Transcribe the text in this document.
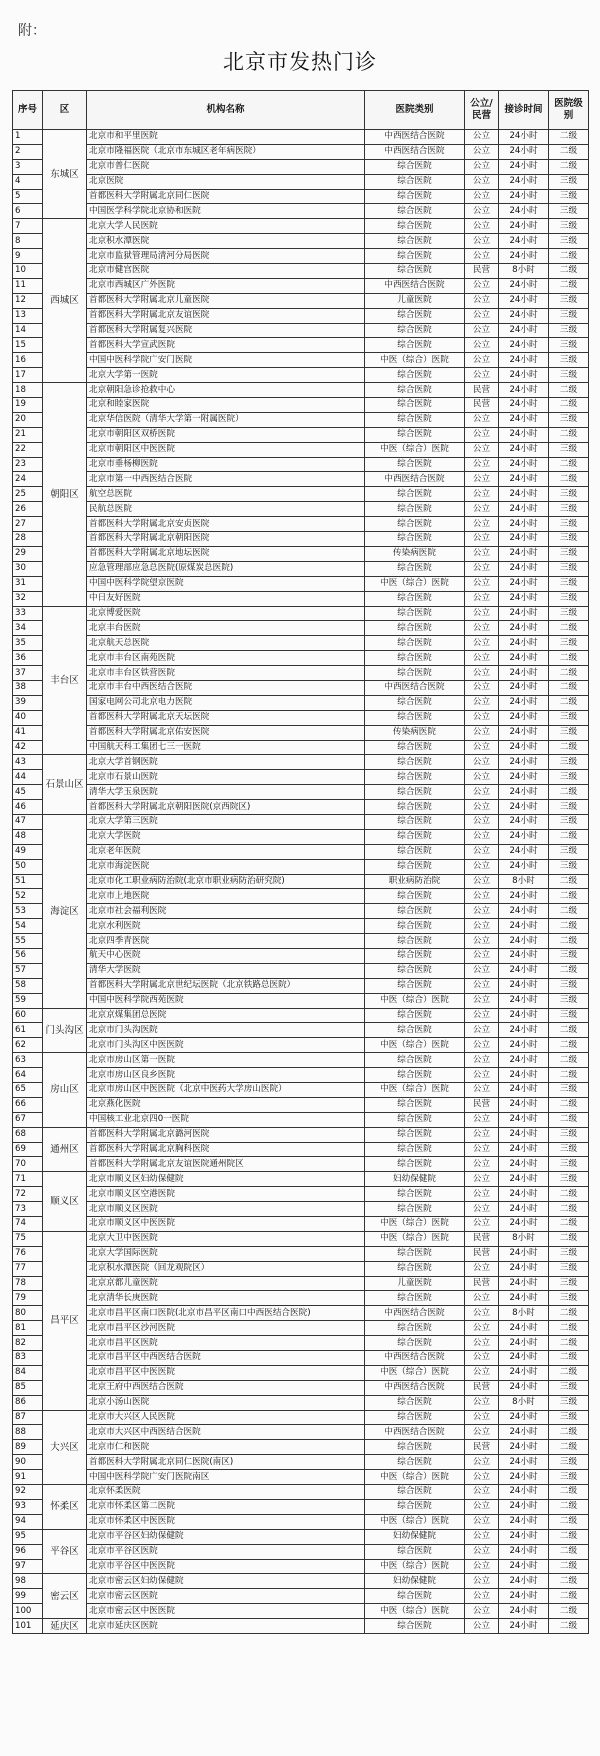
附：
北京市发热门诊
序号	区	机构名称	医院类别	公立/民营	接诊时间	医院级别
1	东城区	北京市和平里医院	中西医结合医院	公立	24小时	二级
2		北京市隆福医院（北京市东城区老年病医院）	中西医结合医院	公立	24小时	二级
3		北京市普仁医院	综合医院	公立	24小时	二级
4		北京医院	综合医院	公立	24小时	三级
5		首都医科大学附属北京同仁医院	综合医院	公立	24小时	三级
6		中国医学科学院北京协和医院	综合医院	公立	24小时	三级
7	西城区	北京大学人民医院	综合医院	公立	24小时	三级
8		北京积水潭医院	综合医院	公立	24小时	三级
9		北京市监狱管理局清河分局医院	综合医院	公立	24小时	二级
10		北京市健宫医院	综合医院	民营	8小时	二级
11		北京市西城区广外医院	中西医结合医院	公立	24小时	二级
12		首都医科大学附属北京儿童医院	儿童医院	公立	24小时	三级
13		首都医科大学附属北京友谊医院	综合医院	公立	24小时	三级
14		首都医科大学附属复兴医院	综合医院	公立	24小时	三级
15		首都医科大学宣武医院	综合医院	公立	24小时	三级
16		中国中医科学院广安门医院	中医（综合）医院	公立	24小时	三级
17		北京大学第一医院	综合医院	公立	24小时	三级
18	朝阳区	北京朝阳急诊抢救中心	综合医院	民营	24小时	二级
19		北京和睦家医院	综合医院	民营	24小时	二级
20		北京华信医院（清华大学第一附属医院）	综合医院	公立	24小时	三级
21		北京市朝阳区双桥医院	综合医院	公立	24小时	二级
22		北京市朝阳区中医医院	中医（综合）医院	公立	24小时	三级
23		北京市垂杨柳医院	综合医院	公立	24小时	二级
24		北京市第一中西医结合医院	中西医结合医院	公立	24小时	二级
25		航空总医院	综合医院	公立	24小时	三级
26		民航总医院	综合医院	公立	24小时	三级
27		首都医科大学附属北京安贞医院	综合医院	公立	24小时	三级
28		首都医科大学附属北京朝阳医院	综合医院	公立	24小时	三级
29		首都医科大学附属北京地坛医院	传染病医院	公立	24小时	三级
30		应急管理部应急总医院(原煤炭总医院)	综合医院	公立	24小时	三级
31		中国中医科学院望京医院	中医（综合）医院	公立	24小时	三级
32		中日友好医院	综合医院	公立	24小时	三级
33	丰台区	北京博爱医院	综合医院	公立	24小时	三级
34		北京丰台医院	综合医院	公立	24小时	二级
35		北京航天总医院	综合医院	公立	24小时	三级
36		北京市丰台区南苑医院	综合医院	公立	24小时	二级
37		北京市丰台区铁营医院	综合医院	公立	24小时	二级
38		北京市丰台中西医结合医院	中西医结合医院	公立	24小时	二级
39		国家电网公司北京电力医院	综合医院	公立	24小时	二级
40		首都医科大学附属北京天坛医院	综合医院	公立	24小时	三级
41		首都医科大学附属北京佑安医院	传染病医院	公立	24小时	三级
42		中国航天科工集团七三一医院	综合医院	公立	24小时	二级
43	石景山区	北京大学首钢医院	综合医院	公立	24小时	三级
44		北京市石景山医院	综合医院	公立	24小时	三级
45		清华大学玉泉医院	综合医院	公立	24小时	二级
46		首都医科大学附属北京朝阳医院(京西院区)	综合医院	公立	24小时	三级
47	海淀区	北京大学第三医院	综合医院	公立	24小时	三级
48		北京大学医院	综合医院	公立	24小时	二级
49		北京老年医院	综合医院	公立	24小时	三级
50		北京市海淀医院	综合医院	公立	24小时	三级
51		北京市化工职业病防治院(北京市职业病防治研究院)	职业病防治院	公立	8小时	二级
52		北京市上地医院	综合医院	公立	24小时	二级
53		北京市社会福利医院	综合医院	公立	24小时	二级
54		北京水利医院	综合医院	公立	24小时	二级
55		北京四季青医院	综合医院	公立	24小时	二级
56		航天中心医院	综合医院	公立	24小时	三级
57		清华大学医院	综合医院	公立	24小时	二级
58		首都医科大学附属北京世纪坛医院（北京铁路总医院）	综合医院	公立	24小时	三级
59		中国中医科学院西苑医院	中医（综合）医院	公立	24小时	三级
60	门头沟区	北京京煤集团总医院	综合医院	公立	24小时	三级
61		北京市门头沟医院	综合医院	公立	24小时	二级
62		北京市门头沟区中医医院	中医（综合）医院	公立	24小时	二级
63	房山区	北京市房山区第一医院	综合医院	公立	24小时	二级
64		北京市房山区良乡医院	综合医院	公立	24小时	二级
65		北京市房山区中医医院（北京中医药大学房山医院）	中医（综合）医院	公立	24小时	三级
66		北京燕化医院	综合医院	民营	24小时	二级
67		中国核工业北京四0一医院	综合医院	公立	24小时	二级
68	通州区	首都医科大学附属北京潞河医院	综合医院	公立	24小时	三级
69		首都医科大学附属北京胸科医院	综合医院	公立	24小时	三级
70		首都医科大学附属北京友谊医院通州院区	综合医院	公立	24小时	三级
71	顺义区	北京市顺义区妇幼保健院	妇幼保健院	公立	24小时	三级
72		北京市顺义区空港医院	综合医院	公立	24小时	二级
73		北京市顺义区医院	综合医院	公立	24小时	二级
74		北京市顺义区中医医院	中医（综合）医院	公立	24小时	二级
75	昌平区	北京大卫中医医院	中医（综合）医院	民营	8小时	二级
76		北京大学国际医院	综合医院	民营	24小时	三级
77		北京积水潭医院（回龙观院区）	综合医院	公立	24小时	三级
78		北京京都儿童医院	儿童医院	民营	24小时	三级
79		北京清华长庚医院	综合医院	公立	24小时	三级
80		北京市昌平区南口医院(北京市昌平区南口中西医结合医院)	中西医结合医院	公立	8小时	二级
81		北京市昌平区沙河医院	综合医院	公立	24小时	二级
82		北京市昌平区医院	综合医院	公立	24小时	二级
83		北京市昌平区中西医结合医院	中西医结合医院	公立	24小时	二级
84		北京市昌平区中医医院	中医（综合）医院	公立	24小时	二级
85		北京王府中西医结合医院	中西医结合医院	民营	24小时	三级
86		北京小汤山医院	综合医院	公立	8小时	三级
87	大兴区	北京市大兴区人民医院	综合医院	公立	24小时	三级
88		北京市大兴区中西医结合医院	中西医结合医院	公立	24小时	二级
89		北京市仁和医院	综合医院	民营	24小时	二级
90		首都医科大学附属北京同仁医院(南区)	综合医院	公立	24小时	三级
91		中国中医科学院广安门医院南区	中医（综合）医院	公立	24小时	三级
92	怀柔区	北京怀柔医院	综合医院	公立	24小时	二级
93		北京市怀柔区第二医院	综合医院	公立	24小时	二级
94		北京市怀柔区中医医院	中医（综合）医院	公立	24小时	二级
95	平谷区	北京市平谷区妇幼保健院	妇幼保健院	公立	24小时	二级
96		北京市平谷区医院	综合医院	公立	24小时	二级
97		北京市平谷区中医医院	中医（综合）医院	公立	24小时	二级
98	密云区	北京市密云区妇幼保健院	妇幼保健院	公立	24小时	二级
99		北京市密云区医院	综合医院	公立	24小时	二级
100		北京市密云区中医医院	中医（综合）医院	公立	24小时	二级
101	延庆区	北京市延庆区医院	综合医院	公立	24小时	二级
